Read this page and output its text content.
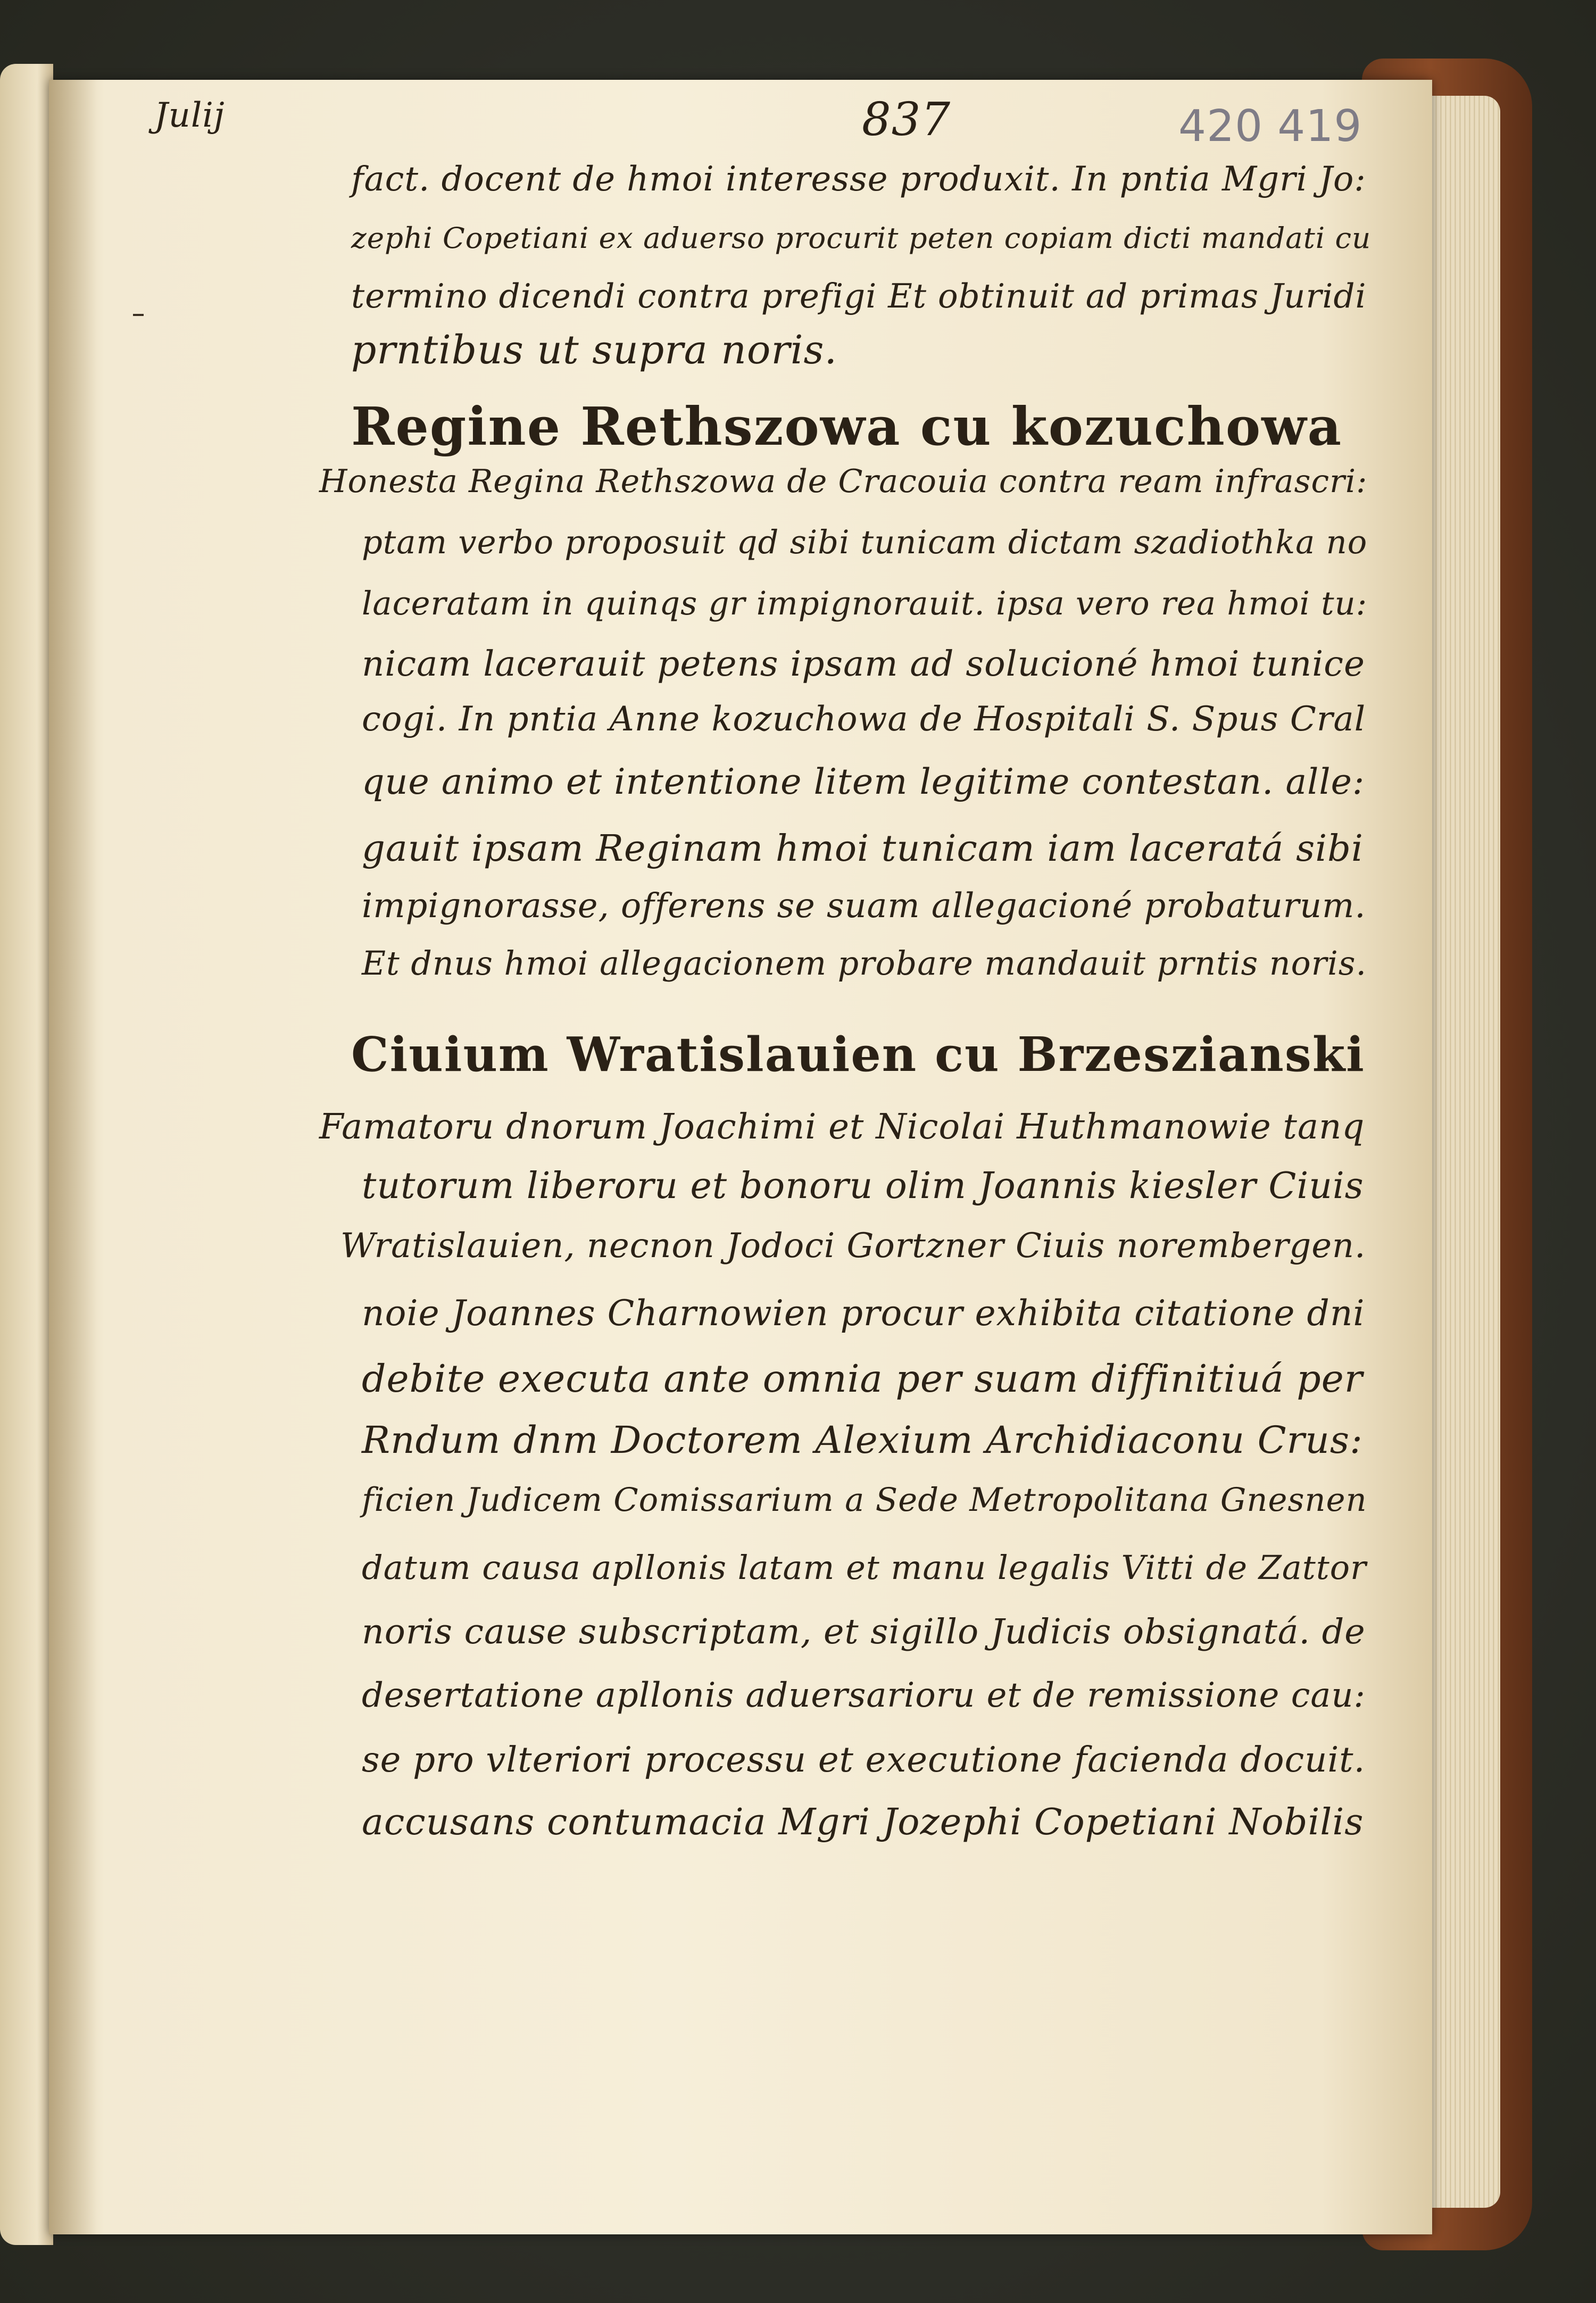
Julij	837	420 419
fact. docent de hmoi interesse produxit. In pntia Mgri Jo:
zephi Copetiani ex aduerso procurit peten copiam dicti mandati cu
termino dicendi contra prefigi Et obtinuit ad primas Juridi
prntibus ut supra noris.
Regine Rethszowa cu kozuchowa
Honesta Regina Rethszowa de Cracouia contra ream infrascri:
ptam verbo proposuit qd sibi tunicam dictam szadiothka no
laceratam in quinqs gr impignorauit. ipsa vero rea hmoi tu:
nicam lacerauit petens ipsam ad solucioné hmoi tunice
cogi. In pntia Anne kozuchowa de Hospitali S. Spus Cral
que animo et intentione litem legitime contestan. alle:
gauit ipsam Reginam hmoi tunicam iam laceratá sibi
impignorasse, offerens se suam allegacioné probaturum.
Et dnus hmoi allegacionem probare mandauit prntis noris.
Ciuium Wratislauien cu Brzeszianski
Famatoru dnorum Joachimi et Nicolai Huthmanowie tanq
tutorum liberoru et bonoru olim Joannis kiesler Ciuis
Wratislauien, necnon Jodoci Gortzner Ciuis norembergen.
noie Joannes Charnowien procur exhibita citatione dni
debite executa ante omnia per suam diffinitiuá per
Rndum dnm Doctorem Alexium Archidiaconu Crus:
ficien Judicem Comissarium a Sede Metropolitana Gnesnen
datum causa apllonis latam et manu legalis Vitti de Zattor
noris cause subscriptam, et sigillo Judicis obsignatá. de
desertatione apllonis aduersarioru et de remissione cau:
se pro vlteriori processu et executione facienda docuit.
accusans contumacia Mgri Jozephi Copetiani Nobilis
